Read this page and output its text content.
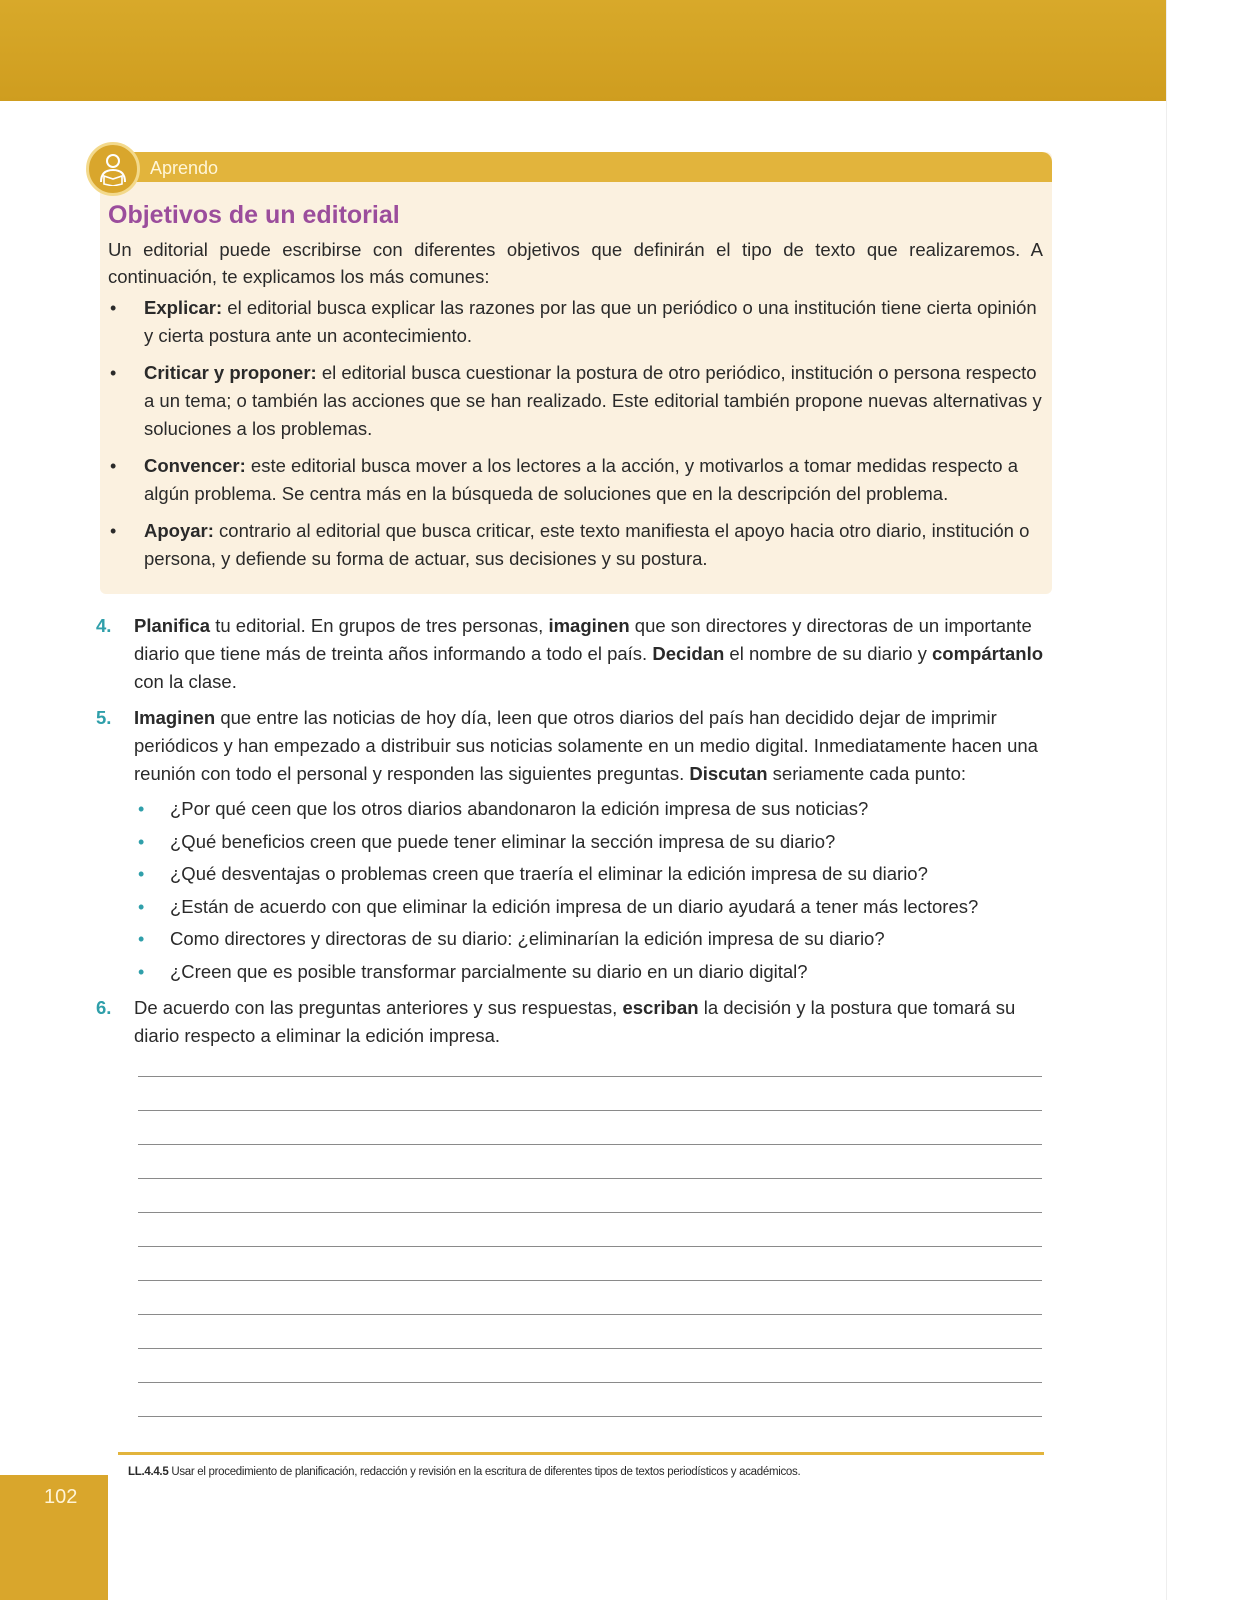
Aprendo
Objetivos de un editorial
Un editorial puede escribirse con diferentes objetivos que definirán el tipo de texto que realizaremos. A continuación, te explicamos los más comunes:
• Explicar: el editorial busca explicar las razones por las que un periódico o una institución tiene cierta opinión y cierta postura ante un acontecimiento.
• Criticar y proponer: el editorial busca cuestionar la postura de otro periódico, institución o persona respecto a un tema; o también las acciones que se han realizado. Este editorial también propone nuevas alternativas y soluciones a los problemas.
• Convencer: este editorial busca mover a los lectores a la acción, y motivarlos a tomar medidas respecto a algún problema. Se centra más en la búsqueda de soluciones que en la descripción del problema.
• Apoyar: contrario al editorial que busca criticar, este texto manifiesta el apoyo hacia otro diario, institución o persona, y defiende su forma de actuar, sus decisiones y su postura.
4.	Planifica tu editorial. En grupos de tres personas, imaginen que son directores y directoras de un importante diario que tiene más de treinta años informando a todo el país. Decidan el nombre de su diario y compártanlo con la clase.
5.	Imaginen que entre las noticias de hoy día, leen que otros diarios del país han decidido dejar de imprimir periódicos y han empezado a distribuir sus noticias solamente en un medio digital. Inmediatamente hacen una reunión con todo el personal y responden las siguientes preguntas. Discutan seriamente cada punto:
• ¿Por qué ceen que los otros diarios abandonaron la edición impresa de sus noticias?
• ¿Qué beneficios creen que puede tener eliminar la sección impresa de su diario?
• ¿Qué desventajas o problemas creen que traería el eliminar la edición impresa de su diario?
• ¿Están de acuerdo con que eliminar la edición impresa de un diario ayudará a tener más lectores?
• Como directores y directoras de su diario: ¿eliminarían la edición impresa de su diario?
• ¿Creen que es posible transformar parcialmente su diario en un diario digital?
6.	De acuerdo con las preguntas anteriores y sus respuestas, escriban la decisión y la postura que tomará su diario respecto a eliminar la edición impresa.
LL.4.4.5 Usar el procedimiento de planificación, redacción y revisión en la escritura de diferentes tipos de textos periodísticos y académicos.
102
